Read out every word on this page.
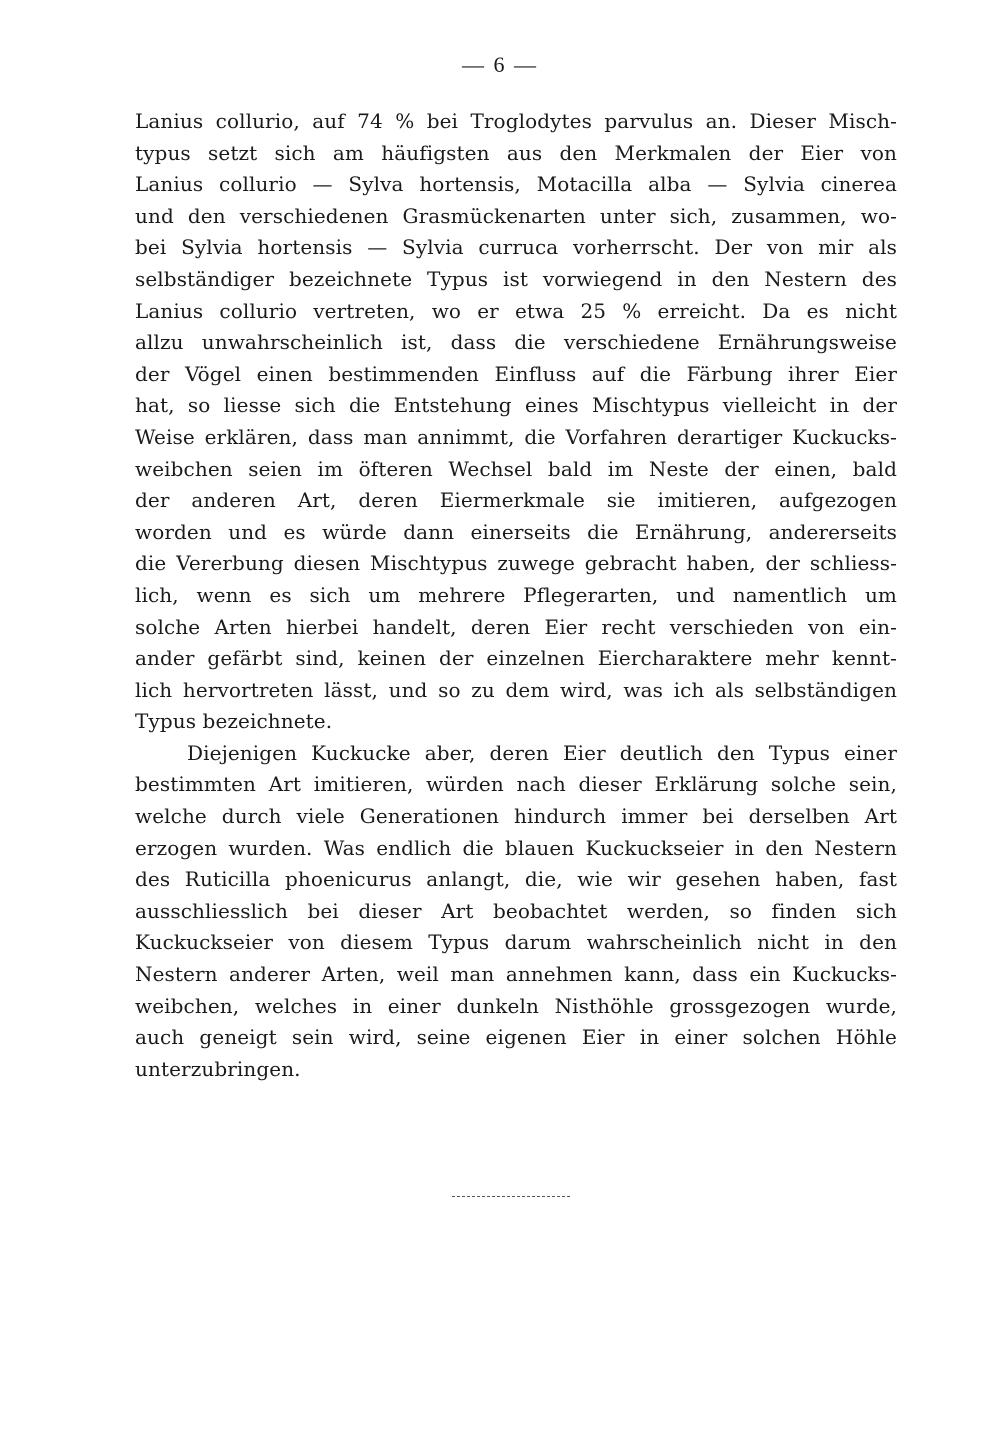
— 6 —
Lanius collurio, auf 74 % bei Troglodytes parvulus an. Dieser Misch-
typus setzt sich am häufigsten aus den Merkmalen der Eier von
Lanius collurio — Sylva hortensis, Motacilla alba — Sylvia cinerea
und den verschiedenen Grasmückenarten unter sich, zusammen, wo-
bei Sylvia hortensis — Sylvia curruca vorherrscht. Der von mir als
selbständiger bezeichnete Typus ist vorwiegend in den Nestern des
Lanius collurio vertreten, wo er etwa 25 % erreicht. Da es nicht
allzu unwahrscheinlich ist, dass die verschiedene Ernährungsweise
der Vögel einen bestimmenden Einfluss auf die Färbung ihrer Eier
hat, so liesse sich die Entstehung eines Mischtypus vielleicht in der
Weise erklären, dass man annimmt, die Vorfahren derartiger Kuckucks-
weibchen seien im öfteren Wechsel bald im Neste der einen, bald
der anderen Art, deren Eiermerkmale sie imitieren, aufgezogen
worden und es würde dann einerseits die Ernährung, andererseits
die Vererbung diesen Mischtypus zuwege gebracht haben, der schliess-
lich, wenn es sich um mehrere Pflegerarten, und namentlich um
solche Arten hierbei handelt, deren Eier recht verschieden von ein-
ander gefärbt sind, keinen der einzelnen Eiercharaktere mehr kennt-
lich hervortreten lässt, und so zu dem wird, was ich als selbständigen
Typus bezeichnete.
Diejenigen Kuckucke aber, deren Eier deutlich den Typus einer
bestimmten Art imitieren, würden nach dieser Erklärung solche sein,
welche durch viele Generationen hindurch immer bei derselben Art
erzogen wurden. Was endlich die blauen Kuckuckseier in den Nestern
des Ruticilla phoenicurus anlangt, die, wie wir gesehen haben, fast
ausschliesslich bei dieser Art beobachtet werden, so finden sich
Kuckuckseier von diesem Typus darum wahrscheinlich nicht in den
Nestern anderer Arten, weil man annehmen kann, dass ein Kuckucks-
weibchen, welches in einer dunkeln Nisthöhle grossgezogen wurde,
auch geneigt sein wird, seine eigenen Eier in einer solchen Höhle
unterzubringen.
